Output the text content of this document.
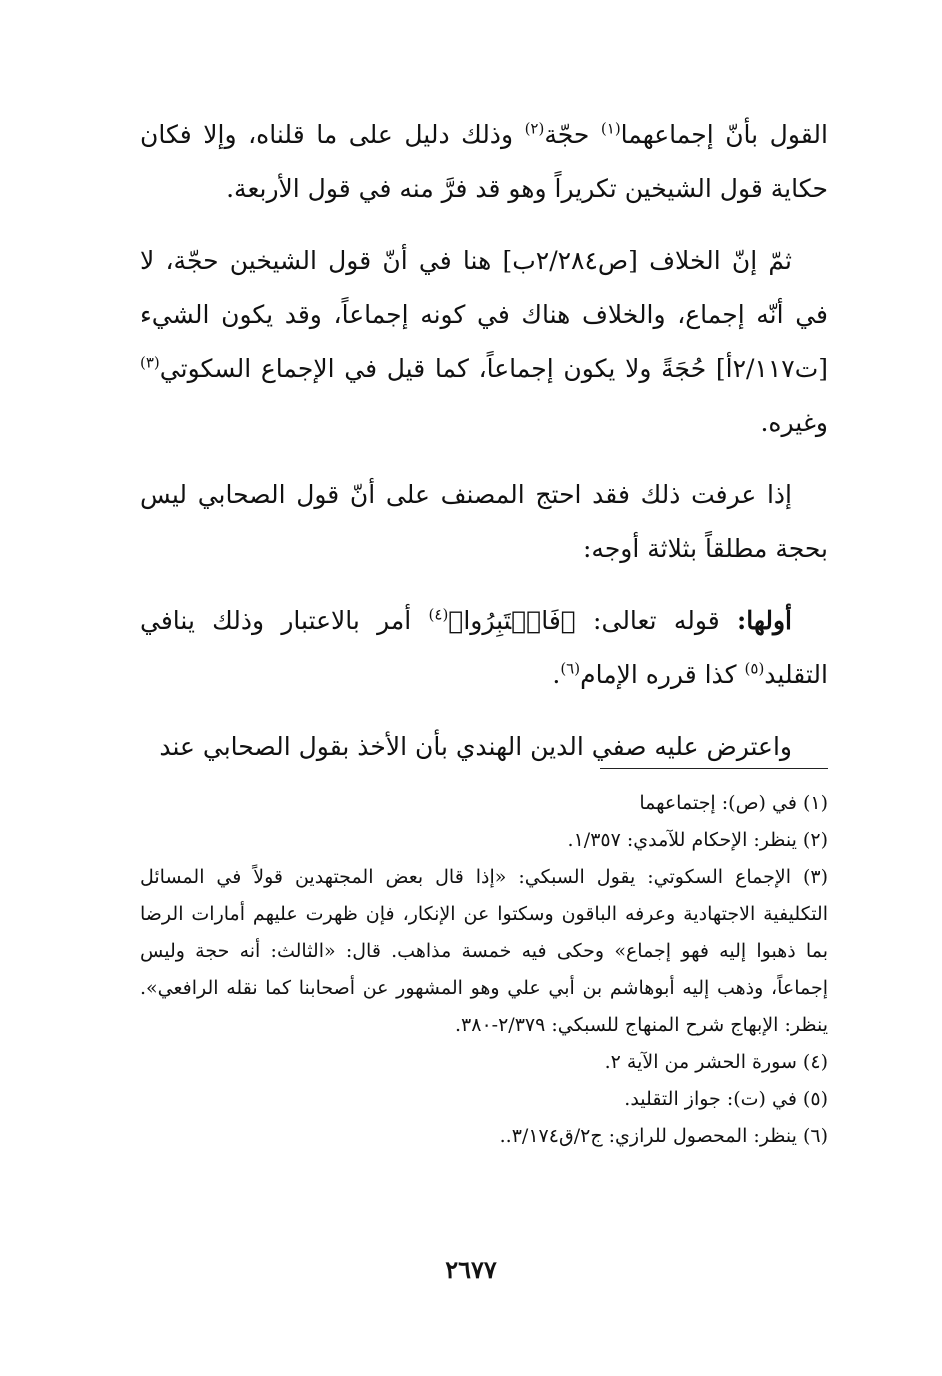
القول بأنّ إجماعهما$^{(١)}$ حجّة$^{(٢)}$ وذلك دليل على ما قلناه، وإلا فكان حكاية قول الشيخين تكريراً وهو قد فرَّ منه في قول الأربعة.

ثمّ إنّ الخلاف [ص٢/٢٨٤ب] هنا في أنّ قول الشيخين حجّة، لا في أنّه إجماع، والخلاف هناك في كونه إجماعاً، وقد يكون الشيء [ت٢/١١٧أ] حُجَةً ولا يكون إجماعاً، كما قيل في الإجماع السكوتي$^{(٣)}$ وغيره.

إذا عرفت ذلك فقد احتج المصنف على أنّ قول الصحابي ليس بحجة مطلقاً بثلاثة أوجه:

أولها: قوله تعالى: ﴿فَاعۡتَبِرُوا﴾$^{(٤)}$ أمر بالاعتبار وذلك ينافي التقليد$^{(٥)}$ كذا قرره الإمام$^{(٦)}$.

واعترض عليه صفي الدين الهندي بأن الأخذ بقول الصحابي عند

(١) في (ص): إجتماعهما

(٢) ينظر: الإحكام للآمدي: ١/٣٥٧.

(٣) الإجماع السكوتي: يقول السبكي: «إذا قال بعض المجتهدين قولاً في المسائل التكليفية الاجتهادية وعرفه الباقون وسكتوا عن الإنكار، فإن ظهرت عليهم أمارات الرضا بما ذهبوا إليه فهو إجماع» وحكى فيه خمسة مذاهب. قال: «الثالث: أنه حجة وليس إجماعاً، وذهب إليه أبوهاشم بن أبي علي وهو المشهور عن أصحابنا كما نقله الرافعي». ينظر: الإبهاج شرح المنهاج للسبكي: ٢/٣٧٩-٣٨٠.

(٤) سورة الحشر من الآية ٢.

(٥) في (ت): جواز التقليد.

(٦) ينظر: المحصول للرازي: ج٢/ق٣/١٧٤..

٢٦٧٧
